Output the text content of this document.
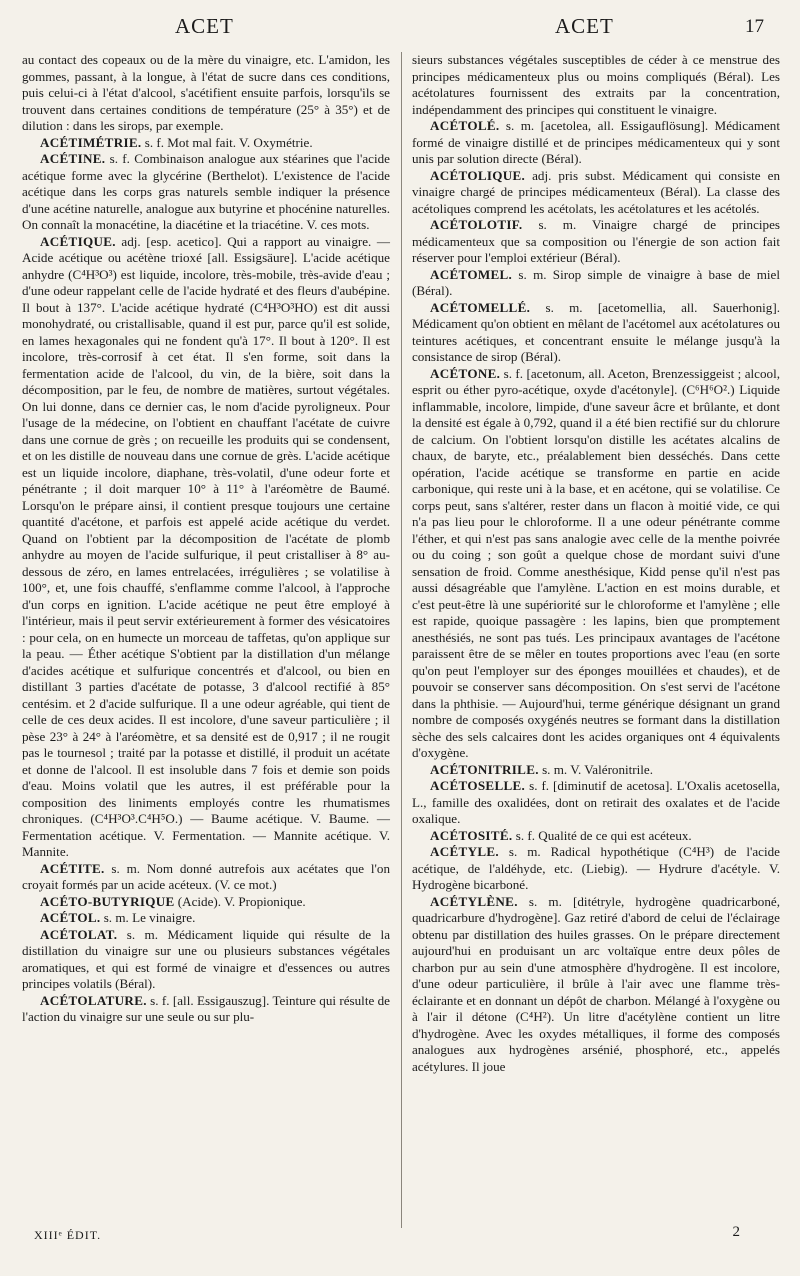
ACET	ACET	17

au contact des copeaux ou de la mère du vinaigre, etc. L'amidon, les gommes, passant, à la longue, à l'état de sucre dans ces conditions, puis celui-ci à l'état d'alcool, s'acétifient ensuite parfois, lorsqu'ils se trouvent dans certaines conditions de température (25° à 35°) et de dilution : dans les sirops, par exemple.

ACÉTIMÉTRIE. s. f. Mot mal fait. V. Oxymétrie.

ACÉTINE. s. f. Combinaison analogue aux stéarines que l'acide acétique forme avec la glycérine (Berthelot). L'existence de l'acide acétique dans les corps gras naturels semble indiquer la présence d'une acétine naturelle, analogue aux butyrine et phocénine naturelles. On connaît la monacétine, la diacétine et la triacétine. V. ces mots.

ACÉTIQUE. adj. [esp. acetico]. Qui a rapport au vinaigre. — Acide acétique ou acétène trioxé [all. Essigsäure]. L'acide acétique anhydre (C⁴H³O³) est liquide, incolore, très-mobile, très-avide d'eau ; d'une odeur rappelant celle de l'acide hydraté et des fleurs d'aubépine. Il bout à 137°. L'acide acétique hydraté (C⁴H³O³HO) est dit aussi monohydraté, ou cristallisable, quand il est pur, parce qu'il est solide, en lames hexagonales qui ne fondent qu'à 17°. Il bout à 120°. Il est incolore, très-corrosif à cet état. Il s'en forme, soit dans la fermentation acide de l'alcool, du vin, de la bière, soit dans la décomposition, par le feu, de nombre de matières, surtout végétales. On lui donne, dans ce dernier cas, le nom d'acide pyroligneux. Pour l'usage de la médecine, on l'obtient en chauffant l'acétate de cuivre dans une cornue de grès ; on recueille les produits qui se condensent, et on les distille de nouveau dans une cornue de grès. L'acide acétique est un liquide incolore, diaphane, très-volatil, d'une odeur forte et pénétrante ; il doit marquer 10° à 11° à l'aréomètre de Baumé. Lorsqu'on le prépare ainsi, il contient presque toujours une certaine quantité d'acétone, et parfois est appelé acide acétique du verdet. Quand on l'obtient par la décomposition de l'acétate de plomb anhydre au moyen de l'acide sulfurique, il peut cristalliser à 8° au-dessous de zéro, en lames entrelacées, irrégulières ; se volatilise à 100°, et, une fois chauffé, s'enflamme comme l'alcool, à l'approche d'un corps en ignition. L'acide acétique ne peut être employé à l'intérieur, mais il peut servir extérieurement à former des vésicatoires : pour cela, on en humecte un morceau de taffetas, qu'on applique sur la peau. — Éther acétique S'obtient par la distillation d'un mélange d'acides acétique et sulfurique concentrés et d'alcool, ou bien en distillant 3 parties d'acétate de potasse, 3 d'alcool rectifié à 85° centésim. et 2 d'acide sulfurique. Il a une odeur agréable, qui tient de celle de ces deux acides. Il est incolore, d'une saveur particulière ; il pèse 23° à 24° à l'aréomètre, et sa densité est de 0,917 ; il ne rougit pas le tournesol ; traité par la potasse et distillé, il produit un acétate et donne de l'alcool. Il est insoluble dans 7 fois et demie son poids d'eau. Moins volatil que les autres, il est préférable pour la composition des liniments employés contre les rhumatismes chroniques. (C⁴H³O³.C⁴H⁵O.) — Baume acétique. V. Baume. — Fermentation acétique. V. Fermentation. — Mannite acétique. V. Mannite.

ACÉTITE. s. m. Nom donné autrefois aux acétates que l'on croyait formés par un acide acéteux. (V. ce mot.)

ACÉTO-BUTYRIQUE (Acide). V. Propionique.

ACÉTOL. s. m. Le vinaigre.

ACÉTOLAT. s. m. Médicament liquide qui résulte de la distillation du vinaigre sur une ou plusieurs substances végétales aromatiques, et qui est formé de vinaigre et d'essences ou autres principes volatils (Béral).

ACÉTOLATURE. s. f. [all. Essigauszug]. Teinture qui résulte de l'action du vinaigre sur une seule ou sur plu-

sieurs substances végétales susceptibles de céder à ce menstrue des principes médicamenteux plus ou moins compliqués (Béral). Les acétolatures fournissent des extraits par la concentration, indépendamment des principes qui constituent le vinaigre.

ACÉTOLÉ. s. m. [acetolea, all. Essigauflösung]. Médicament formé de vinaigre distillé et de principes médicamenteux qui y sont unis par solution directe (Béral).

ACÉTOLIQUE. adj. pris subst. Médicament qui consiste en vinaigre chargé de principes médicamenteux (Béral). La classe des acétoliques comprend les acétolats, les acétolatures et les acétolés.

ACÉTOLOTIF. s. m. Vinaigre chargé de principes médicamenteux que sa composition ou l'énergie de son action fait réserver pour l'emploi extérieur (Béral).

ACÉTOMEL. s. m. Sirop simple de vinaigre à base de miel (Béral).

ACÉTOMELLÉ. s. m. [acetomellia, all. Sauerhonig]. Médicament qu'on obtient en mêlant de l'acétomel aux acétolatures ou teintures acétiques, et concentrant ensuite le mélange jusqu'à la consistance de sirop (Béral).

ACÉTONE. s. f. [acetonum, all. Aceton, Brenzessiggeist ; alcool, esprit ou éther pyro-acétique, oxyde d'acétonyle]. (C⁶H⁶O².) Liquide inflammable, incolore, limpide, d'une saveur âcre et brûlante, et dont la densité est égale à 0,792, quand il a été bien rectifié sur du chlorure de calcium. On l'obtient lorsqu'on distille les acétates alcalins de chaux, de baryte, etc., préalablement bien desséchés. Dans cette opération, l'acide acétique se transforme en partie en acide carbonique, qui reste uni à la base, et en acétone, qui se volatilise. Ce corps peut, sans s'altérer, rester dans un flacon à moitié vide, ce qui n'a pas lieu pour le chloroforme. Il a une odeur pénétrante comme l'éther, et qui n'est pas sans analogie avec celle de la menthe poivrée ou du coing ; son goût a quelque chose de mordant suivi d'une sensation de froid. Comme anesthésique, Kidd pense qu'il n'est pas aussi désagréable que l'amylène. L'action en est moins durable, et c'est peut-être là une supériorité sur le chloroforme et l'amylène ; elle est rapide, quoique passagère : les lapins, bien que promptement anesthésiés, ne sont pas tués. Les principaux avantages de l'acétone paraissent être de se mêler en toutes proportions avec l'eau (en sorte qu'on peut l'employer sur des éponges mouillées et chaudes), et de pouvoir se conserver sans décomposition. On s'est servi de l'acétone dans la phthisie. — Aujourd'hui, terme générique désignant un grand nombre de composés oxygénés neutres se formant dans la distillation sèche des sels calcaires dont les acides organiques ont 4 équivalents d'oxygène.

ACÉTONITRILE. s. m. V. Valéronitrile.

ACÉTOSELLE. s. f. [diminutif de acetosa]. L'Oxalis acetosella, L., famille des oxalidées, dont on retirait des oxalates et de l'acide oxalique.

ACÉTOSITÉ. s. f. Qualité de ce qui est acéteux.

ACÉTYLE. s. m. Radical hypothétique (C⁴H³) de l'acide acétique, de l'aldéhyde, etc. (Liebig). — Hydrure d'acétyle. V. Hydrogène bicarboné.

ACÉTYLÈNE. s. m. [ditétryle, hydrogène quadricarboné, quadricarbure d'hydrogène]. Gaz retiré d'abord de celui de l'éclairage obtenu par distillation des huiles grasses. On le prépare directement aujourd'hui en produisant un arc voltaïque entre deux pôles de charbon pur au sein d'une atmosphère d'hydrogène. Il est incolore, d'une odeur particulière, il brûle à l'air avec une flamme très-éclairante et en donnant un dépôt de charbon. Mélangé à l'oxygène ou à l'air il détone (C⁴H²). Un litre d'acétylène contient un litre d'hydrogène. Avec les oxydes métalliques, il forme des composés analogues aux hydrogènes arsénié, phosphoré, etc., appelés acétylures. Il joue

XIIIᵉ ÉDIT.	2
